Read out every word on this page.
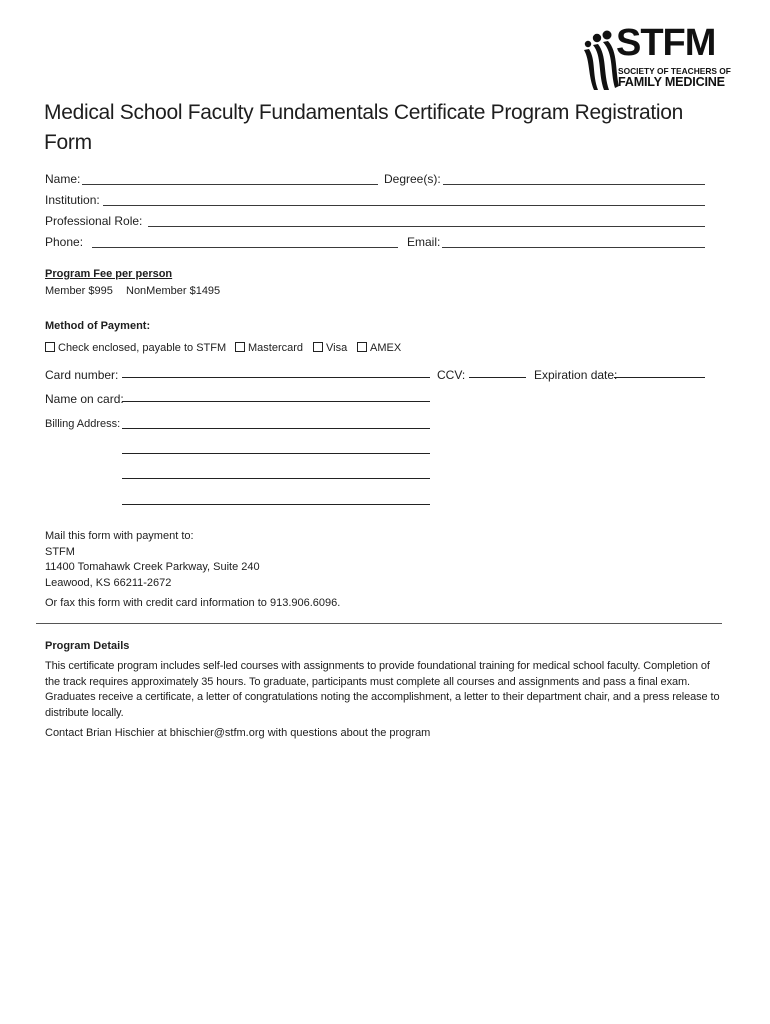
STFM
SOCIETY OF TEACHERS OF
FAMILY MEDICINE
Medical School Faculty Fundamentals Certificate Program Registration Form
Name:	Degree(s):
Institution:
Professional Role:
Phone:	Email:
Program Fee per person
Member $995 NonMember $1495
Method of Payment:
Check enclosed, payable to STFM	Mastercard	Visa	AMEX
Card number:	CCV:	Expiration date:
Name on card:
Billing Address:
Mail this form with payment to:
STFM
11400 Tomahawk Creek Parkway, Suite 240
Leawood, KS 66211-2672
Or fax this form with credit card information to 913.906.6096.
Program Details
This certificate program includes self-led courses with assignments to provide foundational training for medical school faculty. Completion of the track requires approximately 35 hours. To graduate, participants must complete all courses and assignments and pass a final exam. Graduates receive a certificate, a letter of congratulations noting the accomplishment, a letter to their department chair, and a press release to distribute locally.
Contact Brian Hischier at bhischier@stfm.org with questions about the program
